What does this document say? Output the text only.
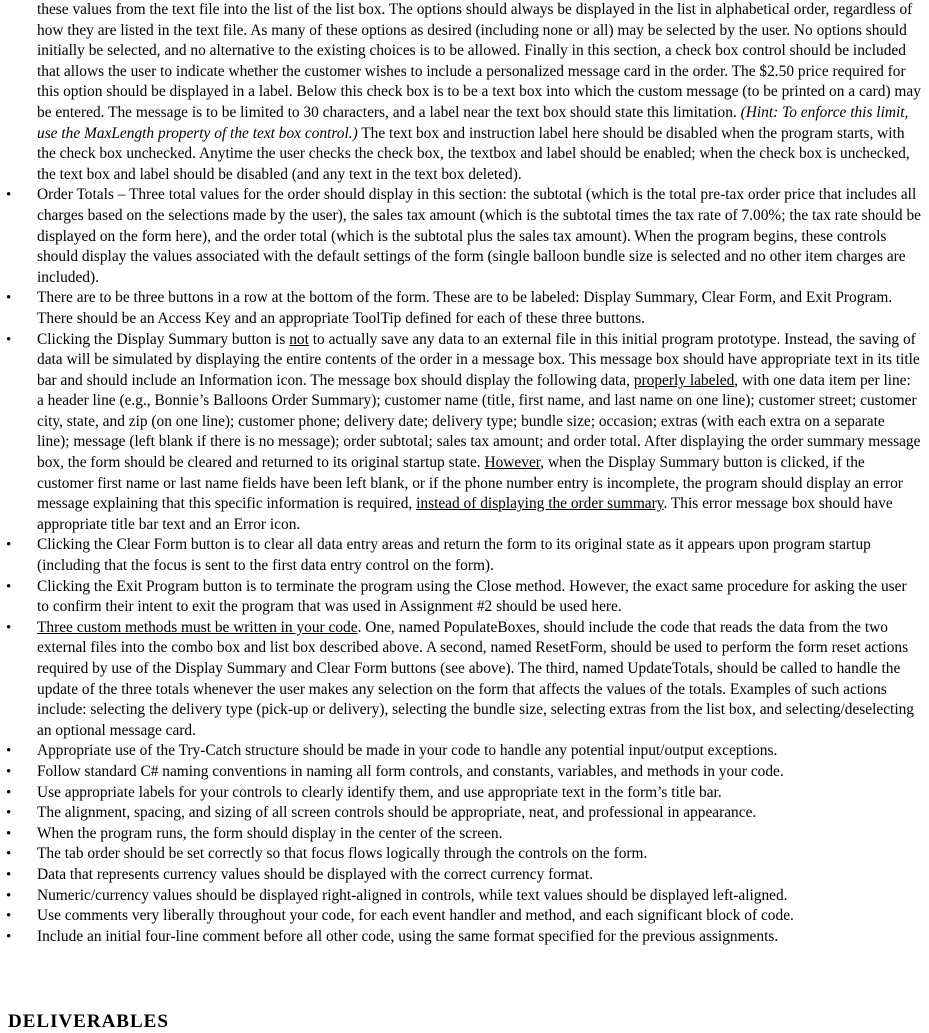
these values from the text file into the list of the list box. The options should always be displayed in the list in alphabetical order, regardless of how they are listed in the text file. As many of these options as desired (including none or all) may be selected by the user. No options should initially be selected, and no alternative to the existing choices is to be allowed. Finally in this section, a check box control should be included that allows the user to indicate whether the customer wishes to include a personalized message card in the order. The $2.50 price required for this option should be displayed in a label. Below this check box is to be a text box into which the custom message (to be printed on a card) may be entered. The message is to be limited to 30 characters, and a label near the text box should state this limitation. (Hint: To enforce this limit, use the MaxLength property of the text box control.) The text box and instruction label here should be disabled when the program starts, with the check box unchecked. Anytime the user checks the check box, the textbox and label should be enabled; when the check box is unchecked, the text box and label should be disabled (and any text in the text box deleted).
• Order Totals – Three total values for the order should display in this section: the subtotal (which is the total pre-tax order price that includes all charges based on the selections made by the user), the sales tax amount (which is the subtotal times the tax rate of 7.00%; the tax rate should be displayed on the form here), and the order total (which is the subtotal plus the sales tax amount). When the program begins, these controls should display the values associated with the default settings of the form (single balloon bundle size is selected and no other item charges are included).
• There are to be three buttons in a row at the bottom of the form. These are to be labeled: Display Summary, Clear Form, and Exit Program. There should be an Access Key and an appropriate ToolTip defined for each of these three buttons.
• Clicking the Display Summary button is not to actually save any data to an external file in this initial program prototype. Instead, the saving of data will be simulated by displaying the entire contents of the order in a message box. This message box should have appropriate text in its title bar and should include an Information icon. The message box should display the following data, properly labeled, with one data item per line: a header line (e.g., Bonnie’s Balloons Order Summary); customer name (title, first name, and last name on one line); customer street; customer city, state, and zip (on one line); customer phone; delivery date; delivery type; bundle size; occasion; extras (with each extra on a separate line); message (left blank if there is no message); order subtotal; sales tax amount; and order total. After displaying the order summary message box, the form should be cleared and returned to its original startup state. However, when the Display Summary button is clicked, if the customer first name or last name fields have been left blank, or if the phone number entry is incomplete, the program should display an error message explaining that this specific information is required, instead of displaying the order summary. This error message box should have appropriate title bar text and an Error icon.
• Clicking the Clear Form button is to clear all data entry areas and return the form to its original state as it appears upon program startup (including that the focus is sent to the first data entry control on the form).
• Clicking the Exit Program button is to terminate the program using the Close method. However, the exact same procedure for asking the user to confirm their intent to exit the program that was used in Assignment #2 should be used here.
• Three custom methods must be written in your code. One, named PopulateBoxes, should include the code that reads the data from the two external files into the combo box and list box described above. A second, named ResetForm, should be used to perform the form reset actions required by use of the Display Summary and Clear Form buttons (see above). The third, named UpdateTotals, should be called to handle the update of the three totals whenever the user makes any selection on the form that affects the values of the totals. Examples of such actions include: selecting the delivery type (pick-up or delivery), selecting the bundle size, selecting extras from the list box, and selecting/deselecting an optional message card.
• Appropriate use of the Try-Catch structure should be made in your code to handle any potential input/output exceptions.
• Follow standard C# naming conventions in naming all form controls, and constants, variables, and methods in your code.
• Use appropriate labels for your controls to clearly identify them, and use appropriate text in the form’s title bar.
• The alignment, spacing, and sizing of all screen controls should be appropriate, neat, and professional in appearance.
• When the program runs, the form should display in the center of the screen.
• The tab order should be set correctly so that focus flows logically through the controls on the form.
• Data that represents currency values should be displayed with the correct currency format.
• Numeric/currency values should be displayed right-aligned in controls, while text values should be displayed left-aligned.
• Use comments very liberally throughout your code, for each event handler and method, and each significant block of code.
• Include an initial four-line comment before all other code, using the same format specified for the previous assignments.
DELIVERABLES
